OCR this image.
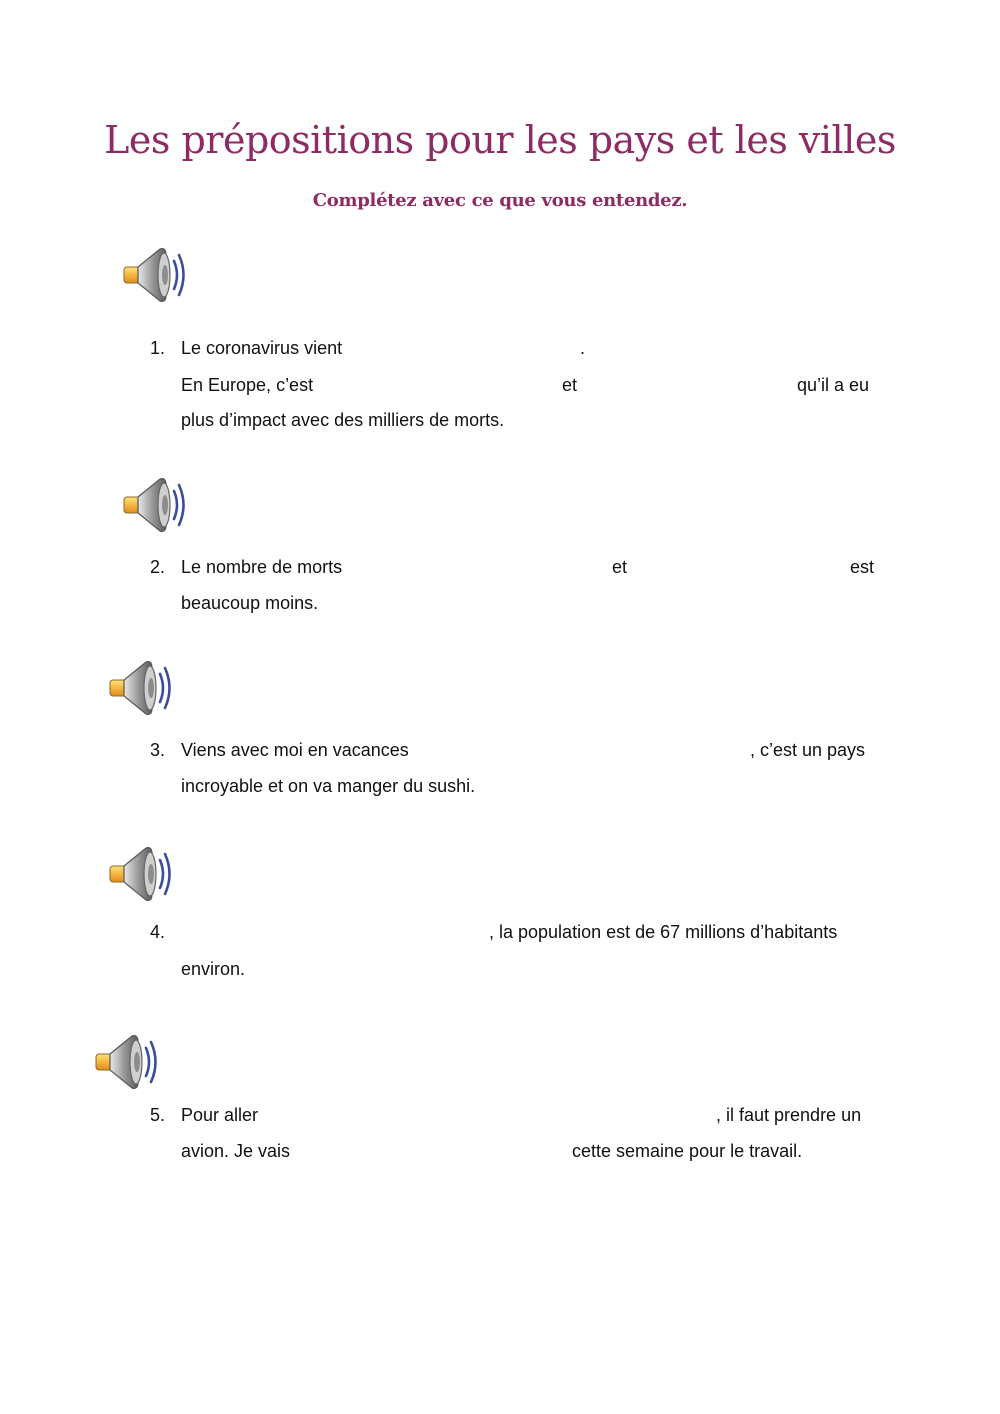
Les prépositions pour les pays et les villes
Complétez avec ce que vous entendez.
1. Le coronavirus vient	.
En Europe, c’est	et	qu’il a eu
plus d’impact avec des milliers de morts.
2. Le nombre de morts	et	est
beaucoup moins.
3. Viens avec moi en vacances	, c’est un pays
incroyable et on va manger du sushi.
4.	, la population est de 67 millions d’habitants
environ.
5. Pour aller	, il faut prendre un
avion. Je vais	cette semaine pour le travail.
